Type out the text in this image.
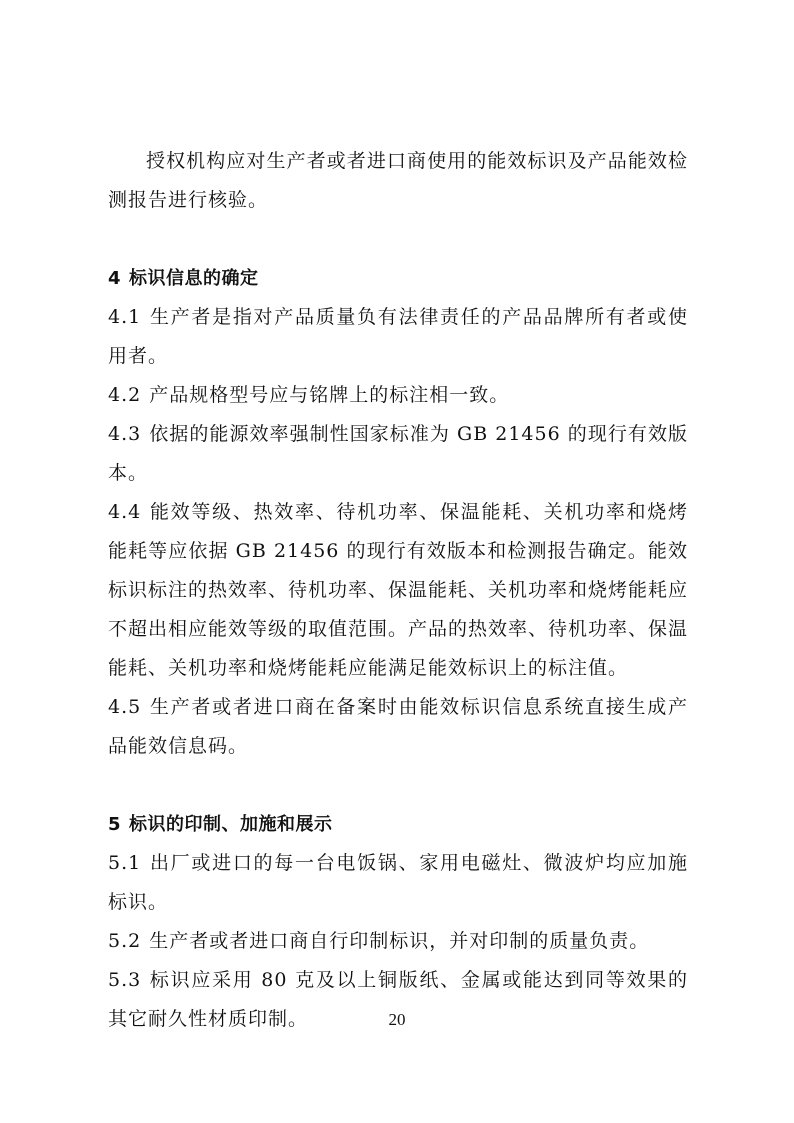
授权机构应对生产者或者进口商使用的能效标识及产品能效检测报告进行核验。

4 标识信息的确定

4.1 生产者是指对产品质量负有法律责任的产品品牌所有者或使用者。

4.2 产品规格型号应与铭牌上的标注相一致。

4.3 依据的能源效率强制性国家标准为 GB 21456 的现行有效版本。

4.4 能效等级、热效率、待机功率、保温能耗、关机功率和烧烤能耗等应依据 GB 21456 的现行有效版本和检测报告确定。能效标识标注的热效率、待机功率、保温能耗、关机功率和烧烤能耗应不超出相应能效等级的取值范围。产品的热效率、待机功率、保温能耗、关机功率和烧烤能耗应能满足能效标识上的标注值。

4.5 生产者或者进口商在备案时由能效标识信息系统直接生成产品能效信息码。

5 标识的印制、加施和展示

5.1 出厂或进口的每一台电饭锅、家用电磁灶、微波炉均应加施标识。

5.2 生产者或者进口商自行印制标识，并对印制的质量负责。

5.3 标识应采用 80 克及以上铜版纸、金属或能达到同等效果的其它耐久性材质印制。	20
